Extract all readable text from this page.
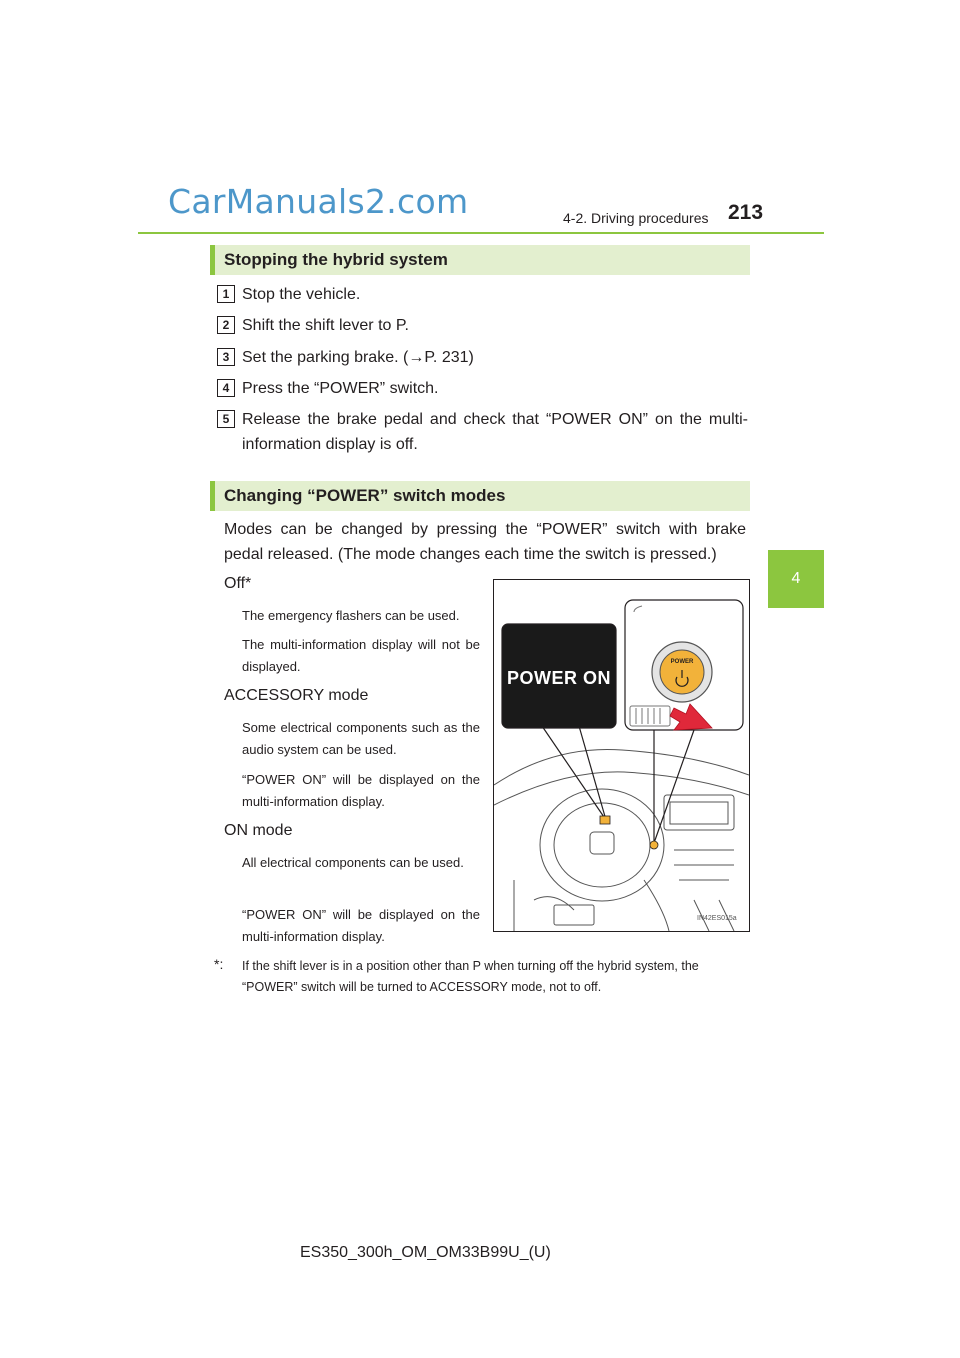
CarManuals2.com	4-2. Driving procedures 213
4
Stopping the hybrid system
1 Stop the vehicle.
2 Shift the shift lever to P.
3 Set the parking brake. (→P. 231)
4 Press the “POWER” switch.
5 Release the brake pedal and check that “POWER ON” on the multi-
information display is off.
Changing “POWER” switch modes
Modes can be changed by pressing the “POWER” switch with brake
pedal released. (The mode changes each time the switch is pressed.)
Off*
The emergency flashers can be used.
The multi-information display will not be displayed.
ACCESSORY mode
Some electrical components such as the audio system can be used.
“POWER ON” will be displayed on the multi-information display.
ON mode
All electrical components can be used.
“POWER ON” will be displayed on the multi-information display.
*: If the shift lever is in a position other than P when turning off the hybrid system, the “POWER” switch will be turned to ACCESSORY mode, not to off.
POWER ON
POWER
IN42ES015a
ES350_300h_OM_OM33B99U_(U)
